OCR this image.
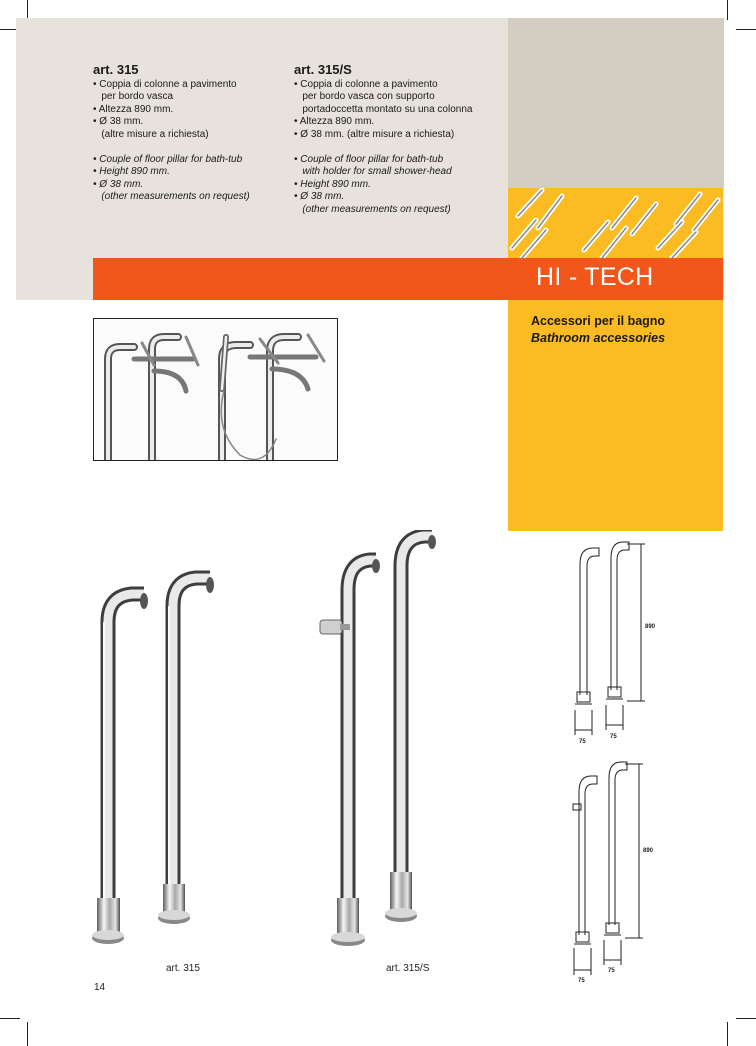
HI - TECH
art. 315

• Coppia di colonne a pavimento

per bordo vasca

• Altezza 890 mm.

• Ø 38 mm.

(altre misure a richiesta)

• Couple of floor pillar for bath-tub

• Height 890 mm.

• Ø 38 mm.

(other measurements on request)

art. 315/S

• Coppia di colonne a pavimento

per bordo vasca con supporto

portadoccetta montato su una colonna

• Altezza 890 mm.

• Ø 38 mm. (altre misure a richiesta)

• Couple of floor pillar for bath-tub

with holder for small shower-head

• Height 890 mm.

• Ø 38 mm.

(other measurements on request)

Accessori per il bagno
Bathroom accessories
art. 315	art. 315/S
890
75
75
890
75
75
14
